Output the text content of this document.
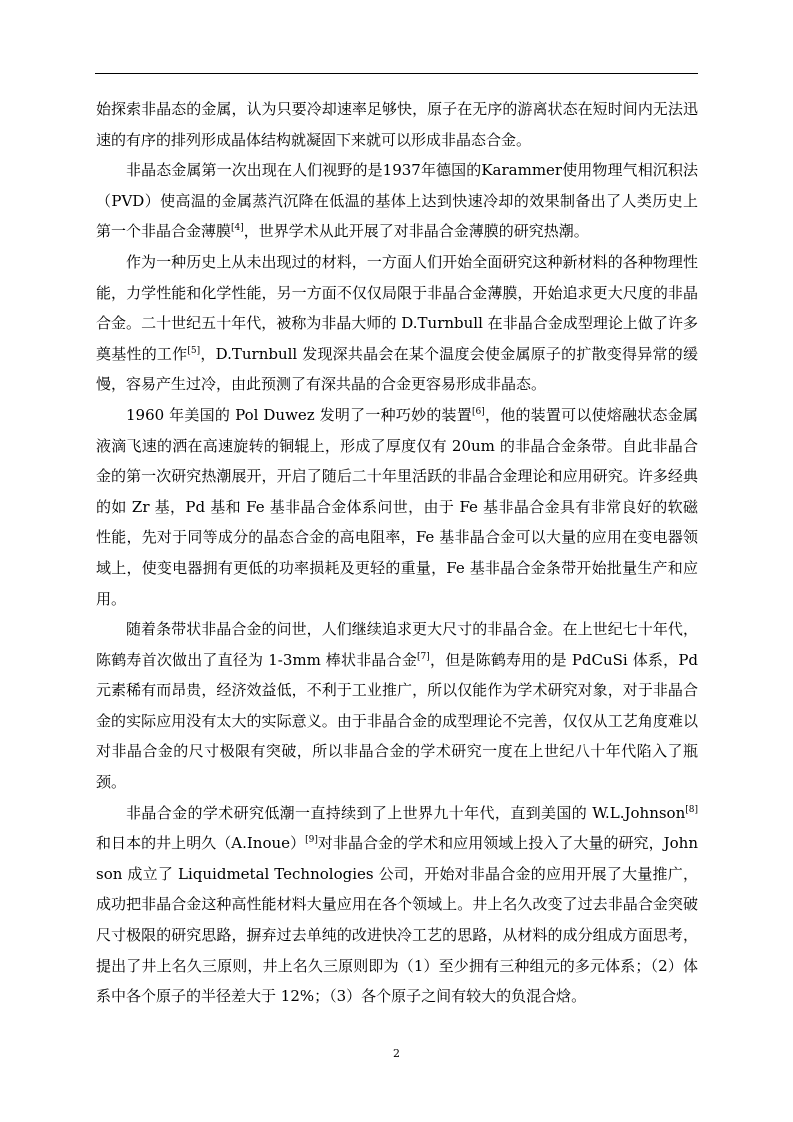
始探索非晶态的金属，认为只要冷却速率足够快，原子在无序的游离状态在短时间内无法迅速的有序的排列形成晶体结构就凝固下来就可以形成非晶态合金。

非晶态金属第一次出现在人们视野的是1937年德国的Karammer使用物理气相沉积法（PVD）使高温的金属蒸汽沉降在低温的基体上达到快速冷却的效果制备出了人类历史上第一个非晶合金薄膜[4]，世界学术从此开展了对非晶合金薄膜的研究热潮。

作为一种历史上从未出现过的材料，一方面人们开始全面研究这种新材料的各种物理性能，力学性能和化学性能，另一方面不仅仅局限于非晶合金薄膜，开始追求更大尺度的非晶合金。二十世纪五十年代，被称为非晶大师的 D.Turnbull 在非晶合金成型理论上做了许多奠基性的工作[5]，D.Turnbull 发现深共晶会在某个温度会使金属原子的扩散变得异常的缓慢，容易产生过冷，由此预测了有深共晶的合金更容易形成非晶态。

1960 年美国的 Pol Duwez 发明了一种巧妙的装置[6]，他的装置可以使熔融状态金属液滴飞速的洒在高速旋转的铜辊上，形成了厚度仅有 20um 的非晶合金条带。自此非晶合金的第一次研究热潮展开，开启了随后二十年里活跃的非晶合金理论和应用研究。许多经典的如 Zr 基，Pd 基和 Fe 基非晶合金体系问世，由于 Fe 基非晶合金具有非常良好的软磁性能，先对于同等成分的晶态合金的高电阻率，Fe 基非晶合金可以大量的应用在变电器领域上，使变电器拥有更低的功率损耗及更轻的重量，Fe 基非晶合金条带开始批量生产和应用。

随着条带状非晶合金的问世，人们继续追求更大尺寸的非晶合金。在上世纪七十年代，陈鹤寿首次做出了直径为 1-3mm 棒状非晶合金[7]，但是陈鹤寿用的是 PdCuSi 体系，Pd 元素稀有而昂贵，经济效益低，不利于工业推广，所以仅能作为学术研究对象，对于非晶合金的实际应用没有太大的实际意义。由于非晶合金的成型理论不完善，仅仅从工艺角度难以对非晶合金的尺寸极限有突破，所以非晶合金的学术研究一度在上世纪八十年代陷入了瓶颈。

非晶合金的学术研究低潮一直持续到了上世界九十年代，直到美国的 W.L.Johnson[8]和日本的井上明久（A.Inoue）[9]对非晶合金的学术和应用领域上投入了大量的研究，Johnson 成立了 Liquidmetal Technologies 公司，开始对非晶合金的应用开展了大量推广，成功把非晶合金这种高性能材料大量应用在各个领域上。井上名久改变了过去非晶合金突破尺寸极限的研究思路，摒弃过去单纯的改进快冷工艺的思路，从材料的成分组成方面思考，提出了井上名久三原则，井上名久三原则即为（1）至少拥有三种组元的多元体系；（2）体系中各个原子的半径差大于 12%；（3）各个原子之间有较大的负混合焓。

2
